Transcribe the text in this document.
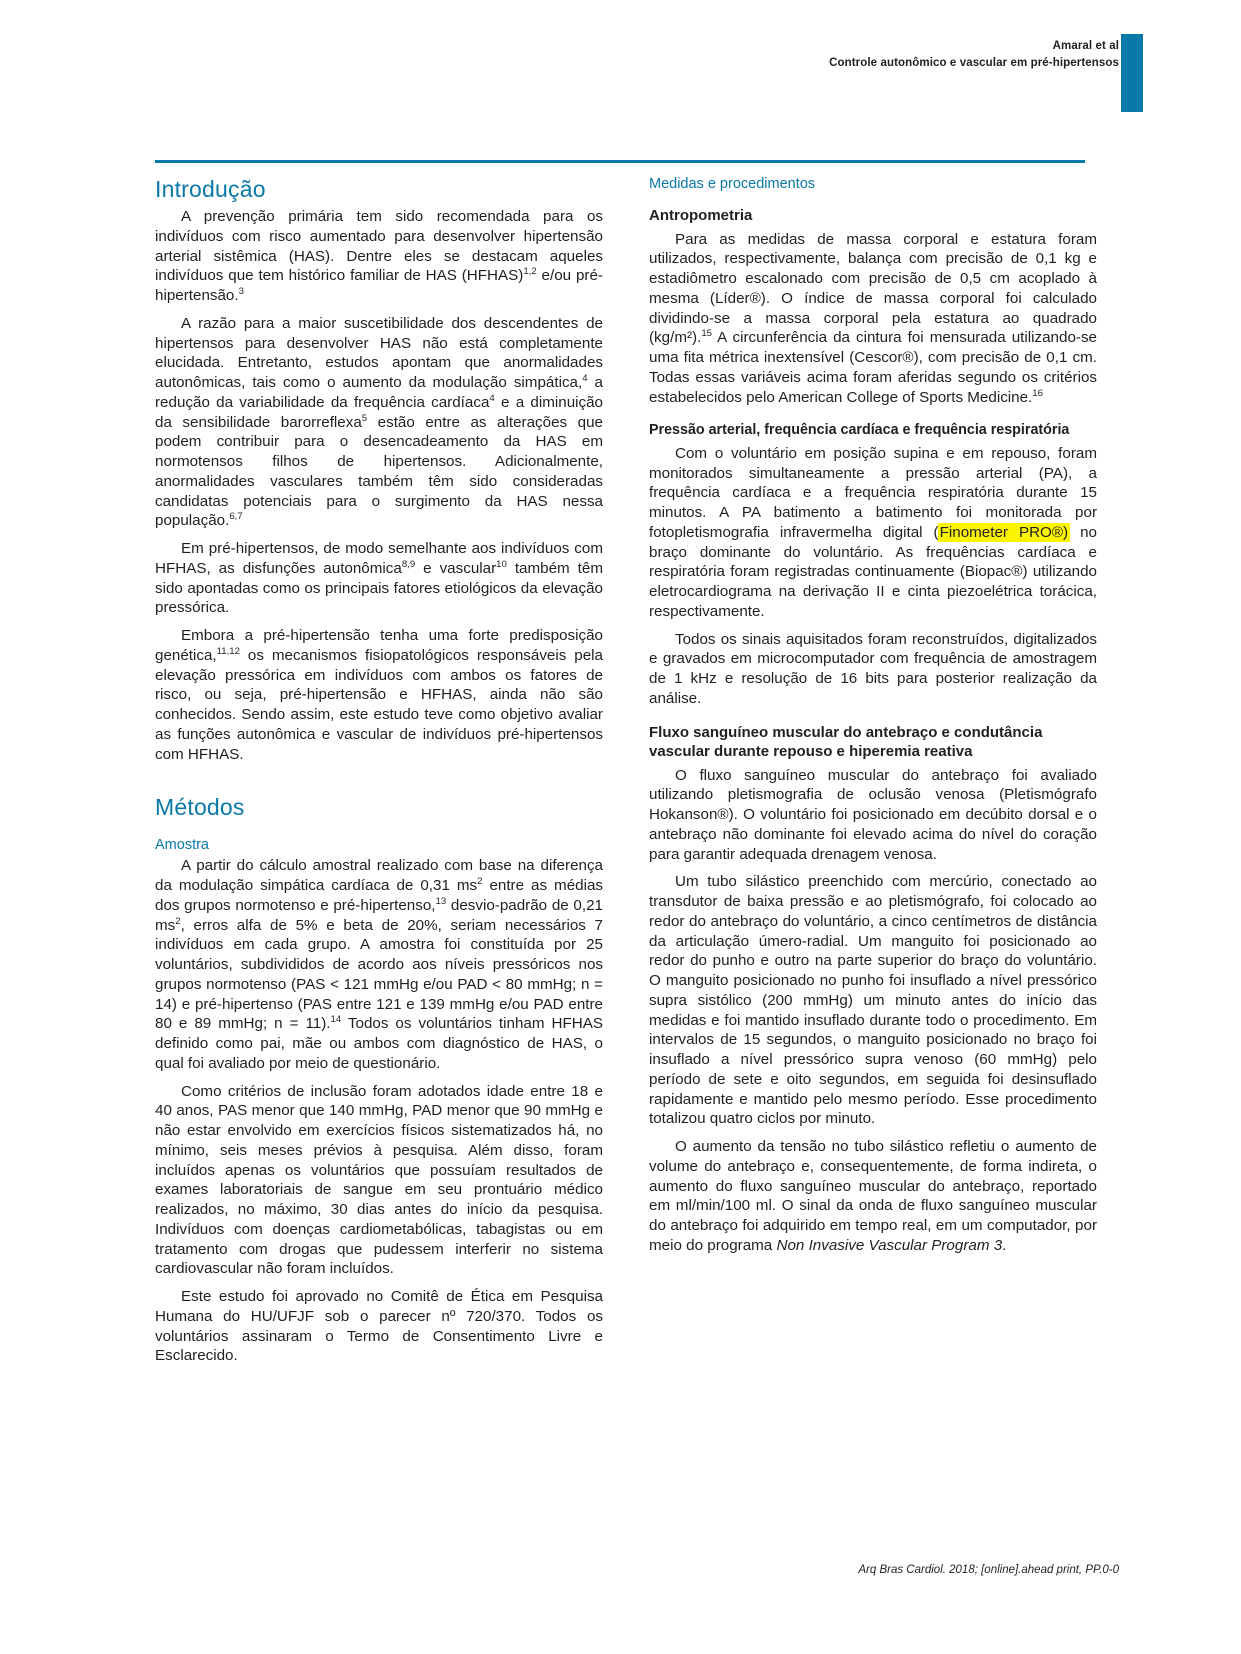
Amaral et al
Controle autonômico e vascular em pré-hipertensos
Introdução

A prevenção primária tem sido recomendada para os indivíduos com risco aumentado para desenvolver hipertensão arterial sistêmica (HAS). Dentre eles se destacam aqueles indivíduos que tem histórico familiar de HAS (HFHAS)$^{1,2}$ e/ou pré-hipertensão.$^3$

A razão para a maior suscetibilidade dos descendentes de hipertensos para desenvolver HAS não está completamente elucidada. Entretanto, estudos apontam que anormalidades autonômicas, tais como o aumento da modulação simpática,$^4$ a redução da variabilidade da frequência cardíaca$^4$ e a diminuição da sensibilidade barorreflexa$^5$ estão entre as alterações que podem contribuir para o desencadeamento da HAS em normotensos filhos de hipertensos. Adicionalmente, anormalidades vasculares também têm sido consideradas candidatas potenciais para o surgimento da HAS nessa população.$^{6,7}$

Em pré-hipertensos, de modo semelhante aos indivíduos com HFHAS, as disfunções autonômica$^{8,9}$ e vascular$^{10}$ também têm sido apontadas como os principais fatores etiológicos da elevação pressórica.

Embora a pré-hipertensão tenha uma forte predisposição genética,$^{11,12}$ os mecanismos fisiopatológicos responsáveis pela elevação pressórica em indivíduos com ambos os fatores de risco, ou seja, pré-hipertensão e HFHAS, ainda não são conhecidos. Sendo assim, este estudo teve como objetivo avaliar as funções autonômica e vascular de indivíduos pré-hipertensos com HFHAS.

Métodos
Amostra

A partir do cálculo amostral realizado com base na diferença da modulação simpática cardíaca de 0,31 $ms^2$ entre as médias dos grupos normotenso e pré-hipertenso,$^{13}$ desvio-padrão de 0,21 $ms^2$, erros alfa de 5% e beta de 20%, seriam necessários 7 indivíduos em cada grupo. A amostra foi constituída por 25 voluntários, subdivididos de acordo aos níveis pressóricos nos grupos normotenso (PAS < 121 mmHg e/ou PAD < 80 mmHg; n = 14) e pré-hipertenso (PAS entre 121 e 139 mmHg e/ou PAD entre 80 e 89 mmHg; n = 11).$^{14}$ Todos os voluntários tinham HFHAS definido como pai, mãe ou ambos com diagnóstico de HAS, o qual foi avaliado por meio de questionário.

Como critérios de inclusão foram adotados idade entre 18 e 40 anos, PAS menor que 140 mmHg, PAD menor que 90 mmHg e não estar envolvido em exercícios físicos sistematizados há, no mínimo, seis meses prévios à pesquisa. Além disso, foram incluídos apenas os voluntários que possuíam resultados de exames laboratoriais de sangue em seu prontuário médico realizados, no máximo, 30 dias antes do início da pesquisa. Indivíduos com doenças cardiometabólicas, tabagistas ou em tratamento com drogas que pudessem interferir no sistema cardiovascular não foram incluídos.

Este estudo foi aprovado no Comitê de Ética em Pesquisa Humana do HU/UFJF sob o parecer nº 720/370. Todos os voluntários assinaram o Termo de Consentimento Livre e Esclarecido.

Medidas e procedimentos
Antropometria

Para as medidas de massa corporal e estatura foram utilizados, respectivamente, balança com precisão de 0,1 kg e estadiômetro escalonado com precisão de 0,5 cm acoplado à mesma (Líder®). O índice de massa corporal foi calculado dividindo-se a massa corporal pela estatura ao quadrado (kg/m²).$^{15}$ A circunferência da cintura foi mensurada utilizando-se uma fita métrica inextensível (Cescor®), com precisão de 0,1 cm. Todas essas variáveis acima foram aferidas segundo os critérios estabelecidos pelo American College of Sports Medicine.$^{16}$

Pressão arterial, frequência cardíaca e frequência respiratória

Com o voluntário em posição supina e em repouso, foram monitorados simultaneamente a pressão arterial (PA), a frequência cardíaca e a frequência respiratória durante 15 minutos. A PA batimento a batimento foi monitorada por fotopletismografia infravermelha digital (Finometer PRO®) no braço dominante do voluntário. As frequências cardíaca e respiratória foram registradas continuamente (Biopac®) utilizando eletrocardiograma na derivação II e cinta piezoelétrica torácica, respectivamente.

Todos os sinais aquisitados foram reconstruídos, digitalizados e gravados em microcomputador com frequência de amostragem de 1 kHz e resolução de 16 bits para posterior realização da análise.

Fluxo sanguíneo muscular do antebraço e condutância vascular durante repouso e hiperemia reativa

O fluxo sanguíneo muscular do antebraço foi avaliado utilizando pletismografia de oclusão venosa (Pletismógrafo Hokanson®). O voluntário foi posicionado em decúbito dorsal e o antebraço não dominante foi elevado acima do nível do coração para garantir adequada drenagem venosa.

Um tubo silástico preenchido com mercúrio, conectado ao transdutor de baixa pressão e ao pletismógrafo, foi colocado ao redor do antebraço do voluntário, a cinco centímetros de distância da articulação úmero-radial. Um manguito foi posicionado ao redor do punho e outro na parte superior do braço do voluntário. O manguito posicionado no punho foi insuflado a nível pressórico supra sistólico (200 mmHg) um minuto antes do início das medidas e foi mantido insuflado durante todo o procedimento. Em intervalos de 15 segundos, o manguito posicionado no braço foi insuflado a nível pressórico supra venoso (60 mmHg) pelo período de sete e oito segundos, em seguida foi desinsuflado rapidamente e mantido pelo mesmo período. Esse procedimento totalizou quatro ciclos por minuto.

O aumento da tensão no tubo silástico refletiu o aumento de volume do antebraço e, consequentemente, de forma indireta, o aumento do fluxo sanguíneo muscular do antebraço, reportado em ml/min/100 ml. O sinal da onda de fluxo sanguíneo muscular do antebraço foi adquirido em tempo real, em um computador, por meio do programa Non Invasive Vascular Program 3.

Arq Bras Cardiol. 2018; [online].ahead print, PP.0-0
